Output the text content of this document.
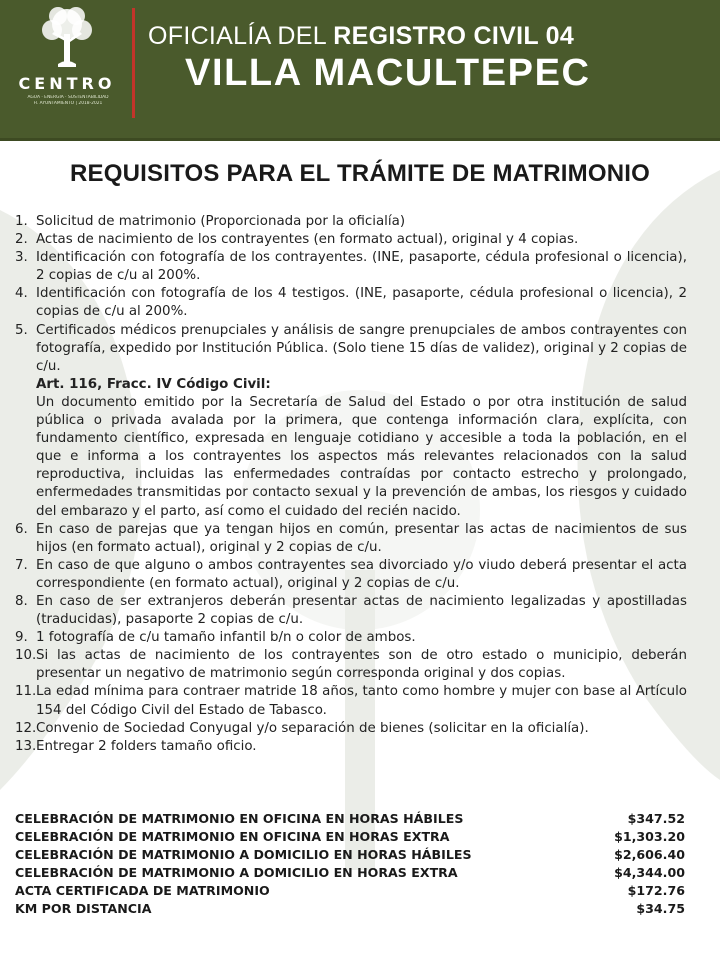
CENTRO
AGUA · ENERGÍA · SUSTENTABILIDAD
H. AYUNTAMIENTO | 2018-2021
OFICIALÍA DEL REGISTRO CIVIL 04
VILLA MACULTEPEC
REQUISITOS PARA EL TRÁMITE DE MATRIMONIO
1. Solicitud de matrimonio (Proporcionada por la oficialía)
2. Actas de nacimiento de los contrayentes (en formato actual), original y 4 copias.
3. Identificación con fotografía de los contrayentes. (INE, pasaporte, cédula profesional o licencia), 2 copias de c/u al 200%.
4. Identificación con fotografía de los 4 testigos. (INE, pasaporte, cédula profesional o licencia), 2 copias de c/u al 200%.
5. Certificados médicos prenupciales y análisis de sangre prenupciales de ambos contrayentes con fotografía, expedido por Institución Pública. (Solo tiene 15 días de validez), original y 2 copias de c/u.
Art. 116, Fracc. IV Código Civil:
Un documento emitido por la Secretaría de Salud del Estado o por otra institución de salud pública o privada avalada por la primera, que contenga información clara, explícita, con fundamento científico, expresada en lenguaje cotidiano y accesible a toda la población, en el que e informa a los contrayentes los aspectos más relevantes relacionados con la salud reproductiva, incluidas las enfermedades contraídas por contacto estrecho y prolongado, enfermedades transmitidas por contacto sexual y la prevención de ambas, los riesgos y cuidado del embarazo y el parto, así como el cuidado del recién nacido.
6. En caso de parejas que ya tengan hijos en común, presentar las actas de nacimientos de sus hijos (en formato actual), original y 2 copias de c/u.
7. En caso de que alguno o ambos contrayentes sea divorciado y/o viudo deberá presentar el acta correspondiente (en formato actual), original y 2 copias de c/u.
8. En caso de ser extranjeros deberán presentar actas de nacimiento legalizadas y apostilladas (traducidas), pasaporte 2 copias de c/u.
9. 1 fotografía de c/u tamaño infantil b/n o color de ambos.
10. Si las actas de nacimiento de los contrayentes son de otro estado o municipio, deberán presentar un negativo de matrimonio según corresponda original y dos copias.
11. La edad mínima para contraer matride 18 años, tanto como hombre y mujer con base al Artículo 154 del Código Civil del Estado de Tabasco.
12. Convenio de Sociedad Conyugal y/o separación de bienes (solicitar en la oficialía).
13. Entregar 2 folders tamaño oficio.
CELEBRACIÓN DE MATRIMONIO EN OFICINA EN HORAS HÁBILES	$347.52
CELEBRACIÓN DE MATRIMONIO EN OFICINA EN HORAS EXTRA	$1,303.20
CELEBRACIÓN DE MATRIMONIO A DOMICILIO EN HORAS HÁBILES	$2,606.40
CELEBRACIÓN DE MATRIMONIO A DOMICILIO EN HORAS EXTRA	$4,344.00
ACTA CERTIFICADA DE MATRIMONIO	$172.76
KM POR DISTANCIA	$34.75
